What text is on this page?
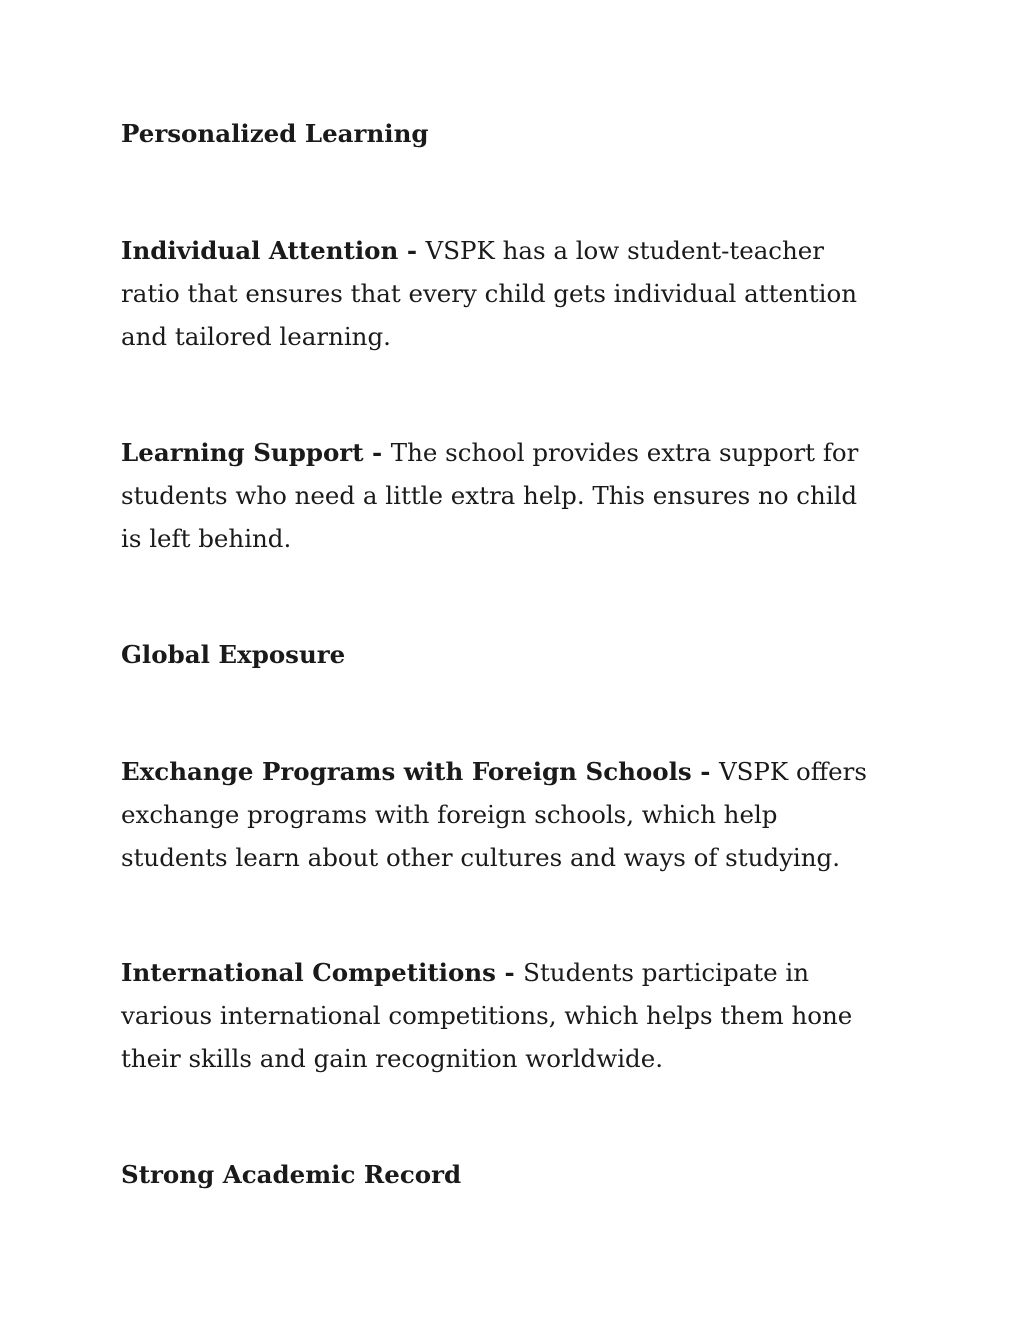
Personalized Learning

Individual Attention - VSPK has a low student-teacher ratio that ensures that every child gets individual attention and tailored learning.

Learning Support - The school provides extra support for students who need a little extra help. This ensures no child is left behind.

Global Exposure

Exchange Programs with Foreign Schools - VSPK offers exchange programs with foreign schools, which help students learn about other cultures and ways of studying.

International Competitions - Students participate in various international competitions, which helps them hone their skills and gain recognition worldwide.

Strong Academic Record
